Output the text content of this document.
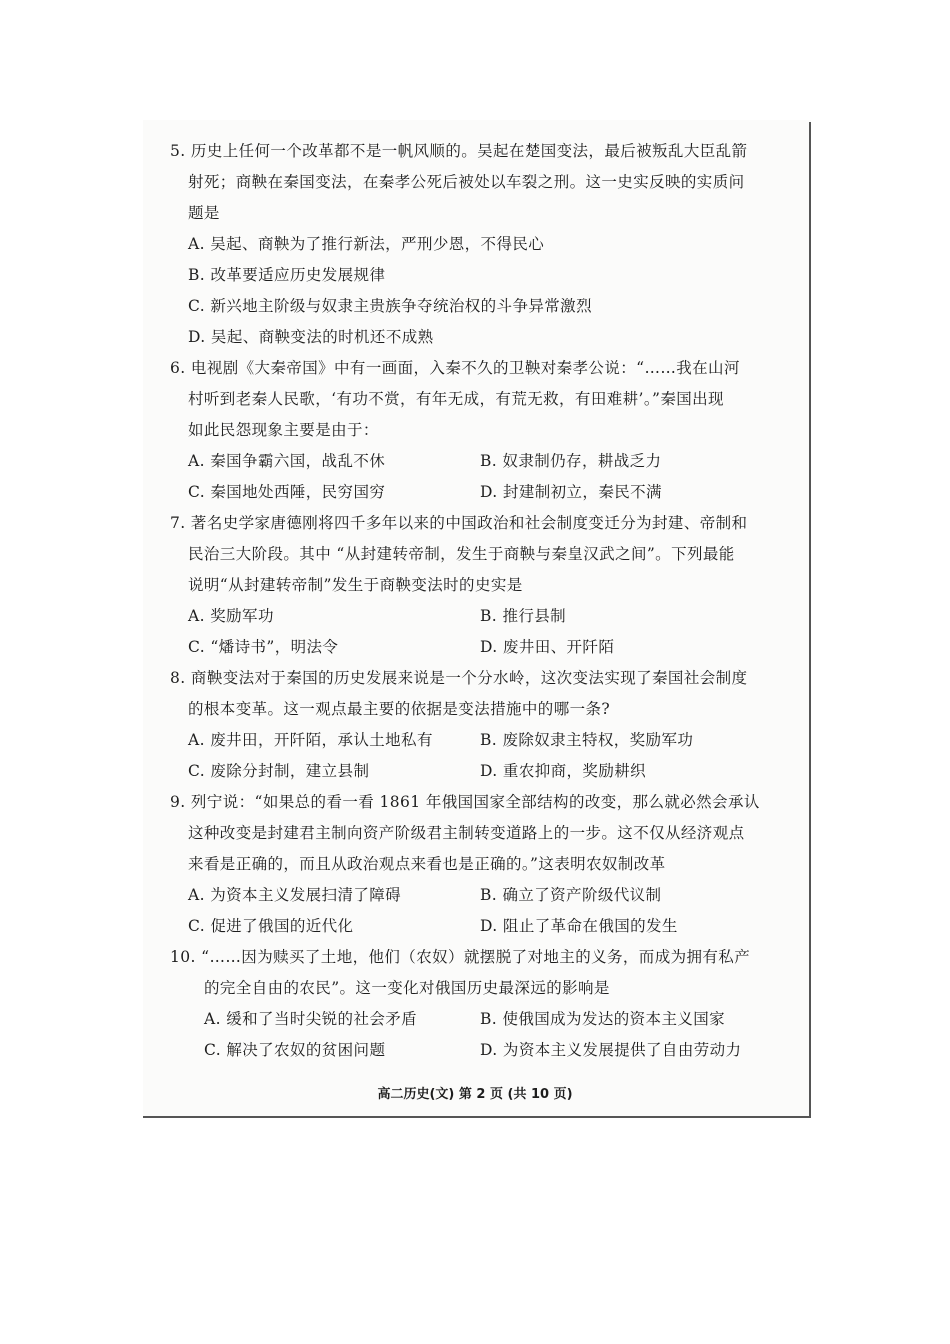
5. 历史上任何一个改革都不是一帆风顺的。吴起在楚国变法，最后被叛乱大臣乱箭
射死；商鞅在秦国变法，在秦孝公死后被处以车裂之刑。这一史实反映的实质问
题是
A. 吴起、商鞅为了推行新法，严刑少恩，不得民心
B. 改革要适应历史发展规律
C. 新兴地主阶级与奴隶主贵族争夺统治权的斗争异常激烈
D. 吴起、商鞅变法的时机还不成熟
6. 电视剧《大秦帝国》中有一画面，入秦不久的卫鞅对秦孝公说：“……我在山河
村听到老秦人民歌，‘有功不赏，有年无成，有荒无救，有田难耕’。”秦国出现
如此民怨现象主要是由于：
A. 秦国争霸六国，战乱不休	B. 奴隶制仍存，耕战乏力
C. 秦国地处西陲，民穷国穷	D. 封建制初立，秦民不满
7. 著名史学家唐德刚将四千多年以来的中国政治和社会制度变迁分为封建、帝制和
民治三大阶段。其中 “从封建转帝制，发生于商鞅与秦皇汉武之间”。下列最能
说明“从封建转帝制”发生于商鞅变法时的史实是
A. 奖励军功	B. 推行县制
C. “燔诗书”，明法令	D. 废井田、开阡陌
8. 商鞅变法对于秦国的历史发展来说是一个分水岭，这次变法实现了秦国社会制度
的根本变革。这一观点最主要的依据是变法措施中的哪一条?
A. 废井田，开阡陌，承认土地私有	B. 废除奴隶主特权，奖励军功
C. 废除分封制，建立县制	D. 重农抑商，奖励耕织
9. 列宁说：“如果总的看一看 1861 年俄国国家全部结构的改变，那么就必然会承认
这种改变是封建君主制向资产阶级君主制转变道路上的一步。这不仅从经济观点
来看是正确的，而且从政治观点来看也是正确的。”这表明农奴制改革
A. 为资本主义发展扫清了障碍	B. 确立了资产阶级代议制
C. 促进了俄国的近代化	D. 阻止了革命在俄国的发生
10. “……因为赎买了土地，他们（农奴）就摆脱了对地主的义务，而成为拥有私产
的完全自由的农民”。这一变化对俄国历史最深远的影响是
A. 缓和了当时尖锐的社会矛盾	B. 使俄国成为发达的资本主义国家
C. 解决了农奴的贫困问题	D. 为资本主义发展提供了自由劳动力
高二历史(文) 第 2 页 (共 10 页)
